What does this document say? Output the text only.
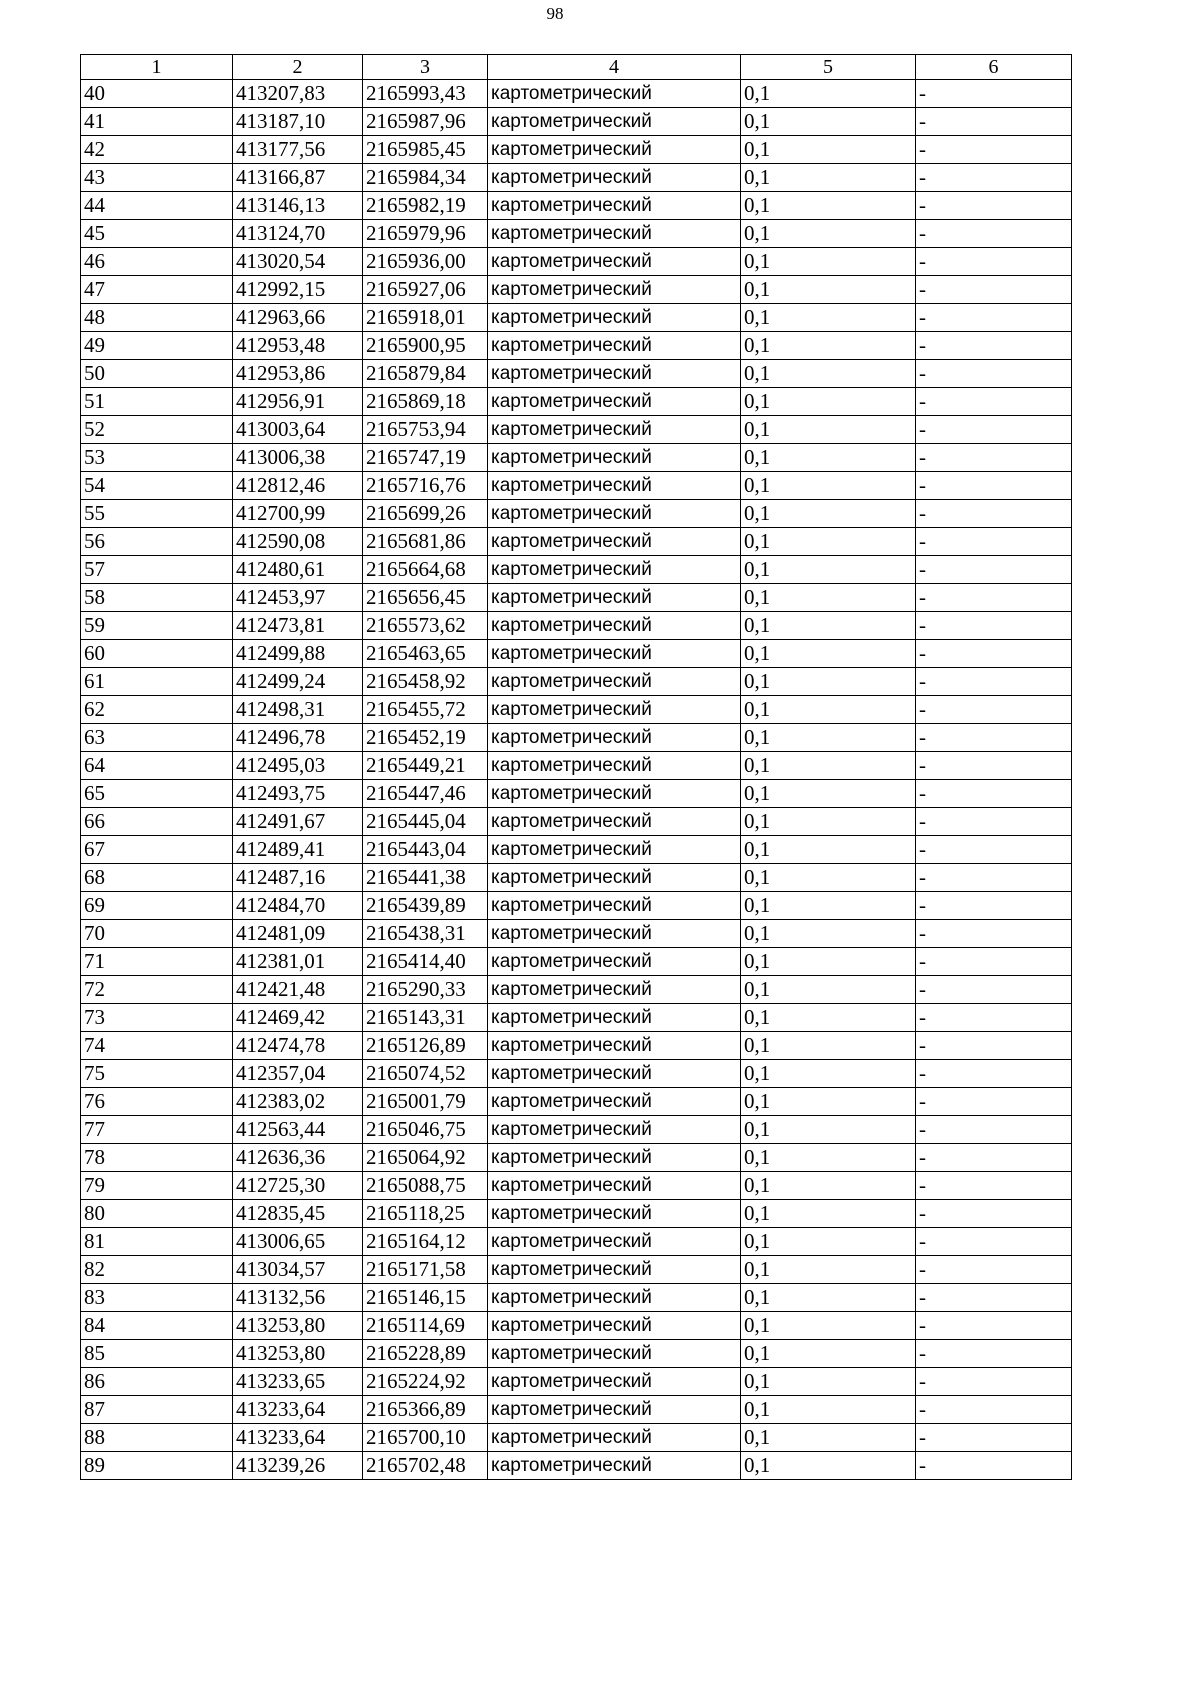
98
1	2	3	4	5	6
40	413207,83	2165993,43	картометрический	0,1	-
41	413187,10	2165987,96	картометрический	0,1	-
42	413177,56	2165985,45	картометрический	0,1	-
43	413166,87	2165984,34	картометрический	0,1	-
44	413146,13	2165982,19	картометрический	0,1	-
45	413124,70	2165979,96	картометрический	0,1	-
46	413020,54	2165936,00	картометрический	0,1	-
47	412992,15	2165927,06	картометрический	0,1	-
48	412963,66	2165918,01	картометрический	0,1	-
49	412953,48	2165900,95	картометрический	0,1	-
50	412953,86	2165879,84	картометрический	0,1	-
51	412956,91	2165869,18	картометрический	0,1	-
52	413003,64	2165753,94	картометрический	0,1	-
53	413006,38	2165747,19	картометрический	0,1	-
54	412812,46	2165716,76	картометрический	0,1	-
55	412700,99	2165699,26	картометрический	0,1	-
56	412590,08	2165681,86	картометрический	0,1	-
57	412480,61	2165664,68	картометрический	0,1	-
58	412453,97	2165656,45	картометрический	0,1	-
59	412473,81	2165573,62	картометрический	0,1	-
60	412499,88	2165463,65	картометрический	0,1	-
61	412499,24	2165458,92	картометрический	0,1	-
62	412498,31	2165455,72	картометрический	0,1	-
63	412496,78	2165452,19	картометрический	0,1	-
64	412495,03	2165449,21	картометрический	0,1	-
65	412493,75	2165447,46	картометрический	0,1	-
66	412491,67	2165445,04	картометрический	0,1	-
67	412489,41	2165443,04	картометрический	0,1	-
68	412487,16	2165441,38	картометрический	0,1	-
69	412484,70	2165439,89	картометрический	0,1	-
70	412481,09	2165438,31	картометрический	0,1	-
71	412381,01	2165414,40	картометрический	0,1	-
72	412421,48	2165290,33	картометрический	0,1	-
73	412469,42	2165143,31	картометрический	0,1	-
74	412474,78	2165126,89	картометрический	0,1	-
75	412357,04	2165074,52	картометрический	0,1	-
76	412383,02	2165001,79	картометрический	0,1	-
77	412563,44	2165046,75	картометрический	0,1	-
78	412636,36	2165064,92	картометрический	0,1	-
79	412725,30	2165088,75	картометрический	0,1	-
80	412835,45	2165118,25	картометрический	0,1	-
81	413006,65	2165164,12	картометрический	0,1	-
82	413034,57	2165171,58	картометрический	0,1	-
83	413132,56	2165146,15	картометрический	0,1	-
84	413253,80	2165114,69	картометрический	0,1	-
85	413253,80	2165228,89	картометрический	0,1	-
86	413233,65	2165224,92	картометрический	0,1	-
87	413233,64	2165366,89	картометрический	0,1	-
88	413233,64	2165700,10	картометрический	0,1	-
89	413239,26	2165702,48	картометрический	0,1	-
